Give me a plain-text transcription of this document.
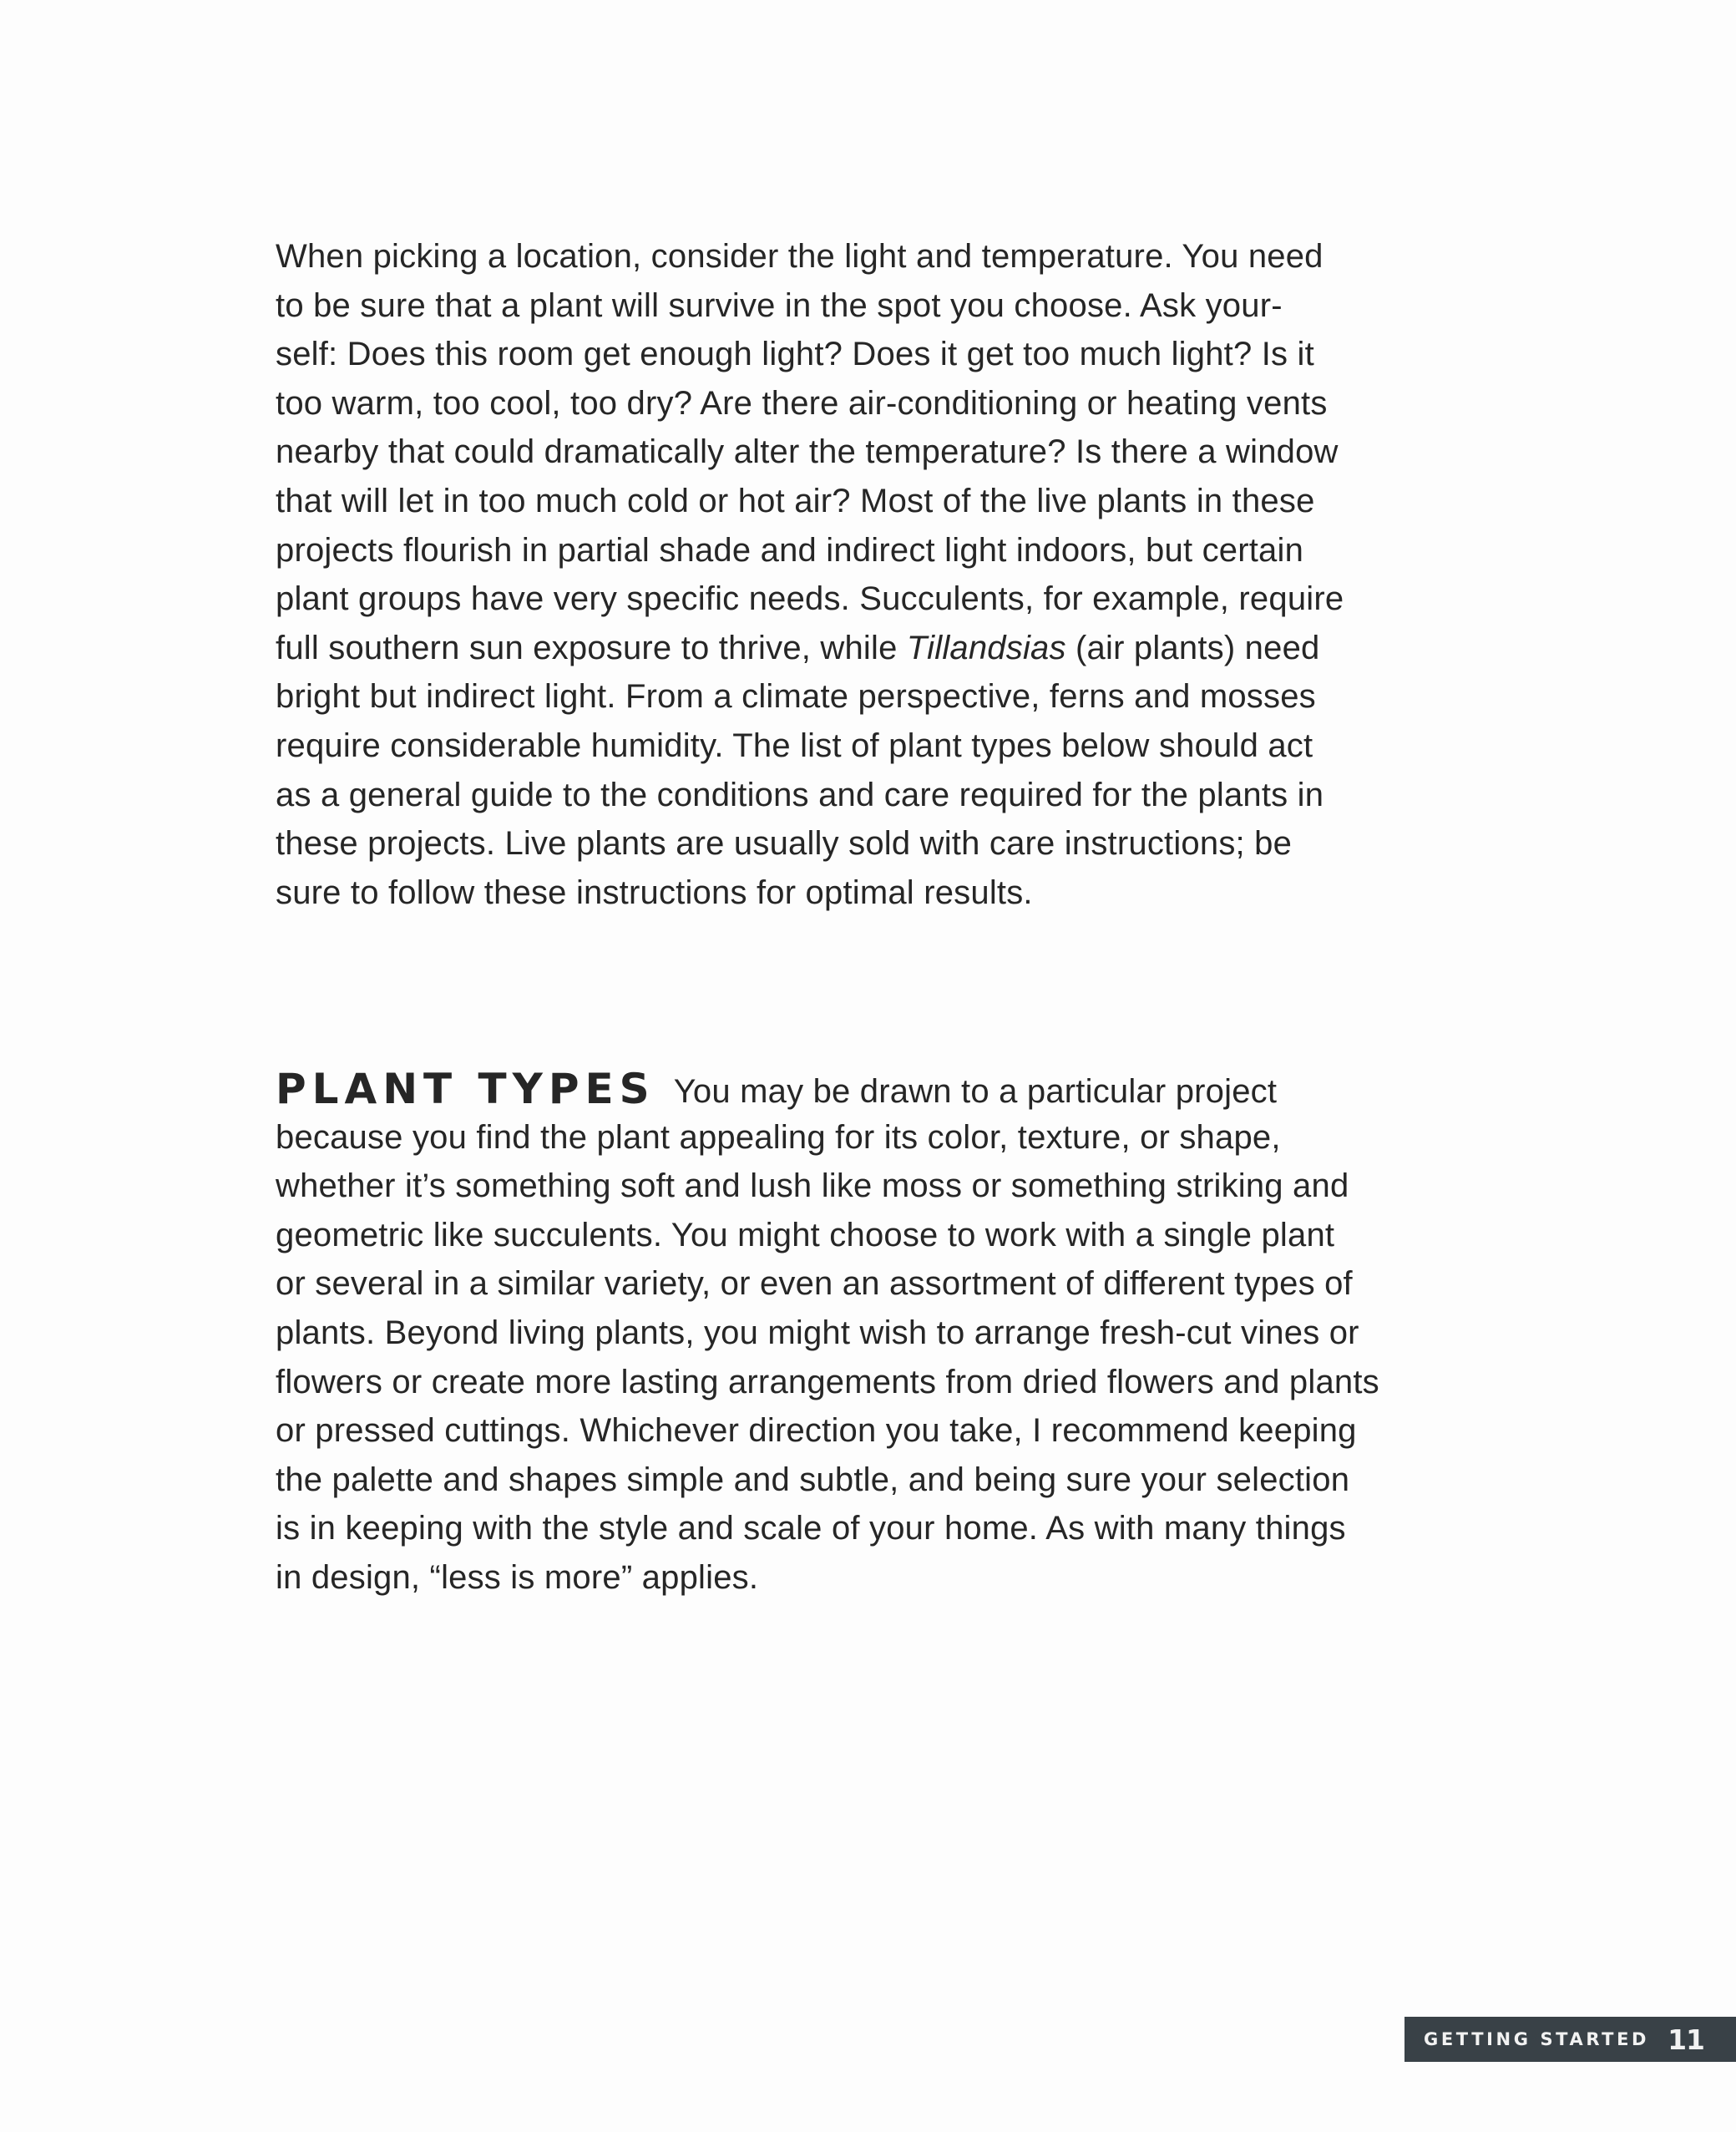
When picking a location, consider the light and temperature. You need
to be sure that a plant will survive in the spot you choose. Ask your-
self: Does this room get enough light? Does it get too much light? Is it
too warm, too cool, too dry? Are there air-conditioning or heating vents
nearby that could dramatically alter the temperature? Is there a window
that will let in too much cold or hot air? Most of the live plants in these
projects flourish in partial shade and indirect light indoors, but certain
plant groups have very specific needs. Succulents, for example, require
full southern sun exposure to thrive, while Tillandsias (air plants) need
bright but indirect light. From a climate perspective, ferns and mosses
require considerable humidity. The list of plant types below should act
as a general guide to the conditions and care required for the plants in
these projects. Live plants are usually sold with care instructions; be
sure to follow these instructions for optimal results.
PLANT TYPES You may be drawn to a particular project
because you find the plant appealing for its color, texture, or shape,
whether it’s something soft and lush like moss or something striking and
geometric like succulents. You might choose to work with a single plant
or several in a similar variety, or even an assortment of different types of
plants. Beyond living plants, you might wish to arrange fresh-cut vines or
flowers or create more lasting arrangements from dried flowers and plants
or pressed cuttings. Whichever direction you take, I recommend keeping
the palette and shapes simple and subtle, and being sure your selection
is in keeping with the style and scale of your home. As with many things
in design, “less is more” applies.
GETTING STARTED 11
